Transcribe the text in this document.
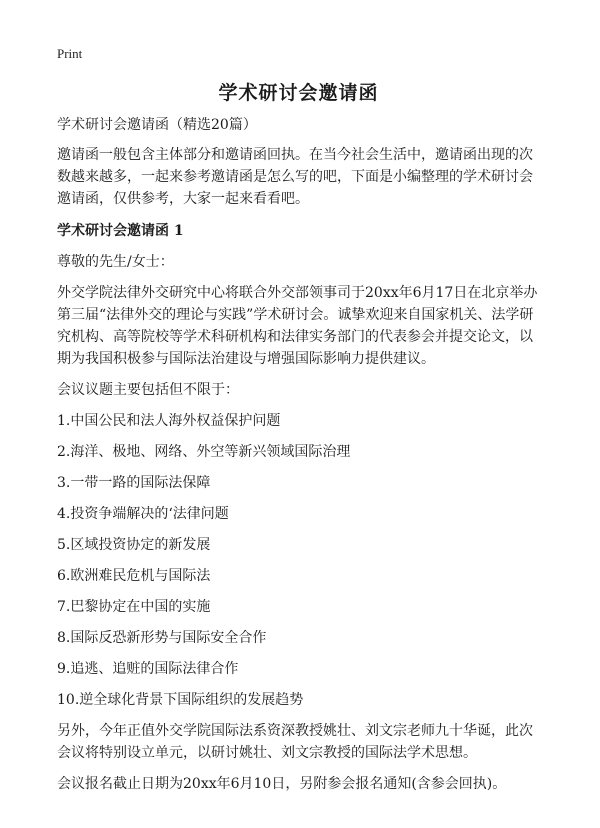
Print
学术研讨会邀请函

学术研讨会邀请函（精选20篇）

邀请函一般包含主体部分和邀请函回执。在当今社会生活中，邀请函出现的次数越来越多，一起来参考邀请函是怎么写的吧，下面是小编整理的学术研讨会邀请函，仅供参考，大家一起来看看吧。

学术研讨会邀请函 1

尊敬的先生/女士：

外交学院法律外交研究中心将联合外交部领事司于20xx年6月17日在北京举办第三届“法律外交的理论与实践”学术研讨会。诚挚欢迎来自国家机关、法学研究机构、高等院校等学术科研机构和法律实务部门的代表参会并提交论文，以期为我国积极参与国际法治建设与增强国际影响力提供建议。

会议议题主要包括但不限于：

1.中国公民和法人海外权益保护问题
2.海洋、极地、网络、外空等新兴领域国际治理
3.一带一路的国际法保障
4.投资争端解决的‘法律问题
5.区域投资协定的新发展
6.欧洲难民危机与国际法
7.巴黎协定在中国的实施
8.国际反恐新形势与国际安全合作
9.追逃、追赃的国际法律合作
10.逆全球化背景下国际组织的发展趋势

另外，今年正值外交学院国际法系资深教授姚壮、刘文宗老师九十华诞，此次会议将特别设立单元，以研讨姚壮、刘文宗教授的国际法学术思想。

会议报名截止日期为20xx年6月10日，另附参会报名通知(含参会回执)。
